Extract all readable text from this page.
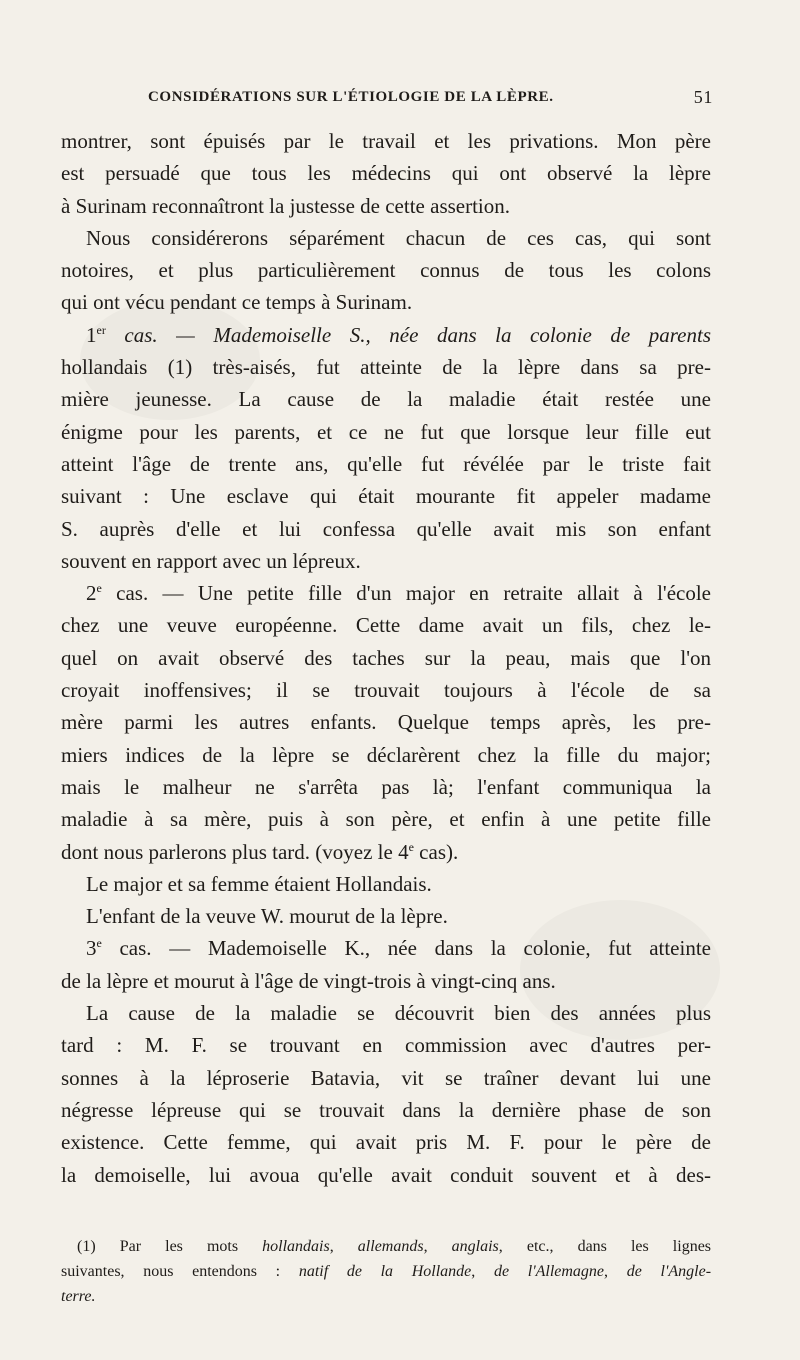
CONSIDÉRATIONS SUR L'ÉTIOLOGIE DE LA LÈPRE.	51
montrer, sont épuisés par le travail et les privations. Mon père
est persuadé que tous les médecins qui ont observé la lèpre
à Surinam reconnaîtront la justesse de cette assertion.
Nous considérerons séparément chacun de ces cas, qui sont
notoires, et plus particulièrement connus de tous les colons
qui ont vécu pendant ce temps à Surinam.
1er cas. — Mademoiselle S., née dans la colonie de parents
hollandais (1) très-aisés, fut atteinte de la lèpre dans sa pre-
mière jeunesse. La cause de la maladie était restée une
énigme pour les parents, et ce ne fut que lorsque leur fille eut
atteint l'âge de trente ans, qu'elle fut révélée par le triste fait
suivant : Une esclave qui était mourante fit appeler madame
S. auprès d'elle et lui confessa qu'elle avait mis son enfant
souvent en rapport avec un lépreux.
2e cas. — Une petite fille d'un major en retraite allait à l'école
chez une veuve européenne. Cette dame avait un fils, chez le-
quel on avait observé des taches sur la peau, mais que l'on
croyait inoffensives; il se trouvait toujours à l'école de sa
mère parmi les autres enfants. Quelque temps après, les pre-
miers indices de la lèpre se déclarèrent chez la fille du major;
mais le malheur ne s'arrêta pas là; l'enfant communiqua la
maladie à sa mère, puis à son père, et enfin à une petite fille
dont nous parlerons plus tard. (voyez le 4e cas).
Le major et sa femme étaient Hollandais.
L'enfant de la veuve W. mourut de la lèpre.
3e cas. — Mademoiselle K., née dans la colonie, fut atteinte
de la lèpre et mourut à l'âge de vingt-trois à vingt-cinq ans.
La cause de la maladie se découvrit bien des années plus
tard : M. F. se trouvant en commission avec d'autres per-
sonnes à la léproserie Batavia, vit se traîner devant lui une
négresse lépreuse qui se trouvait dans la dernière phase de son
existence. Cette femme, qui avait pris M. F. pour le père de
la demoiselle, lui avoua qu'elle avait conduit souvent et à des-
(1) Par les mots hollandais, allemands, anglais, etc., dans les lignes
suivantes, nous entendons : natif de la Hollande, de l'Allemagne, de l'Angle-
terre.
